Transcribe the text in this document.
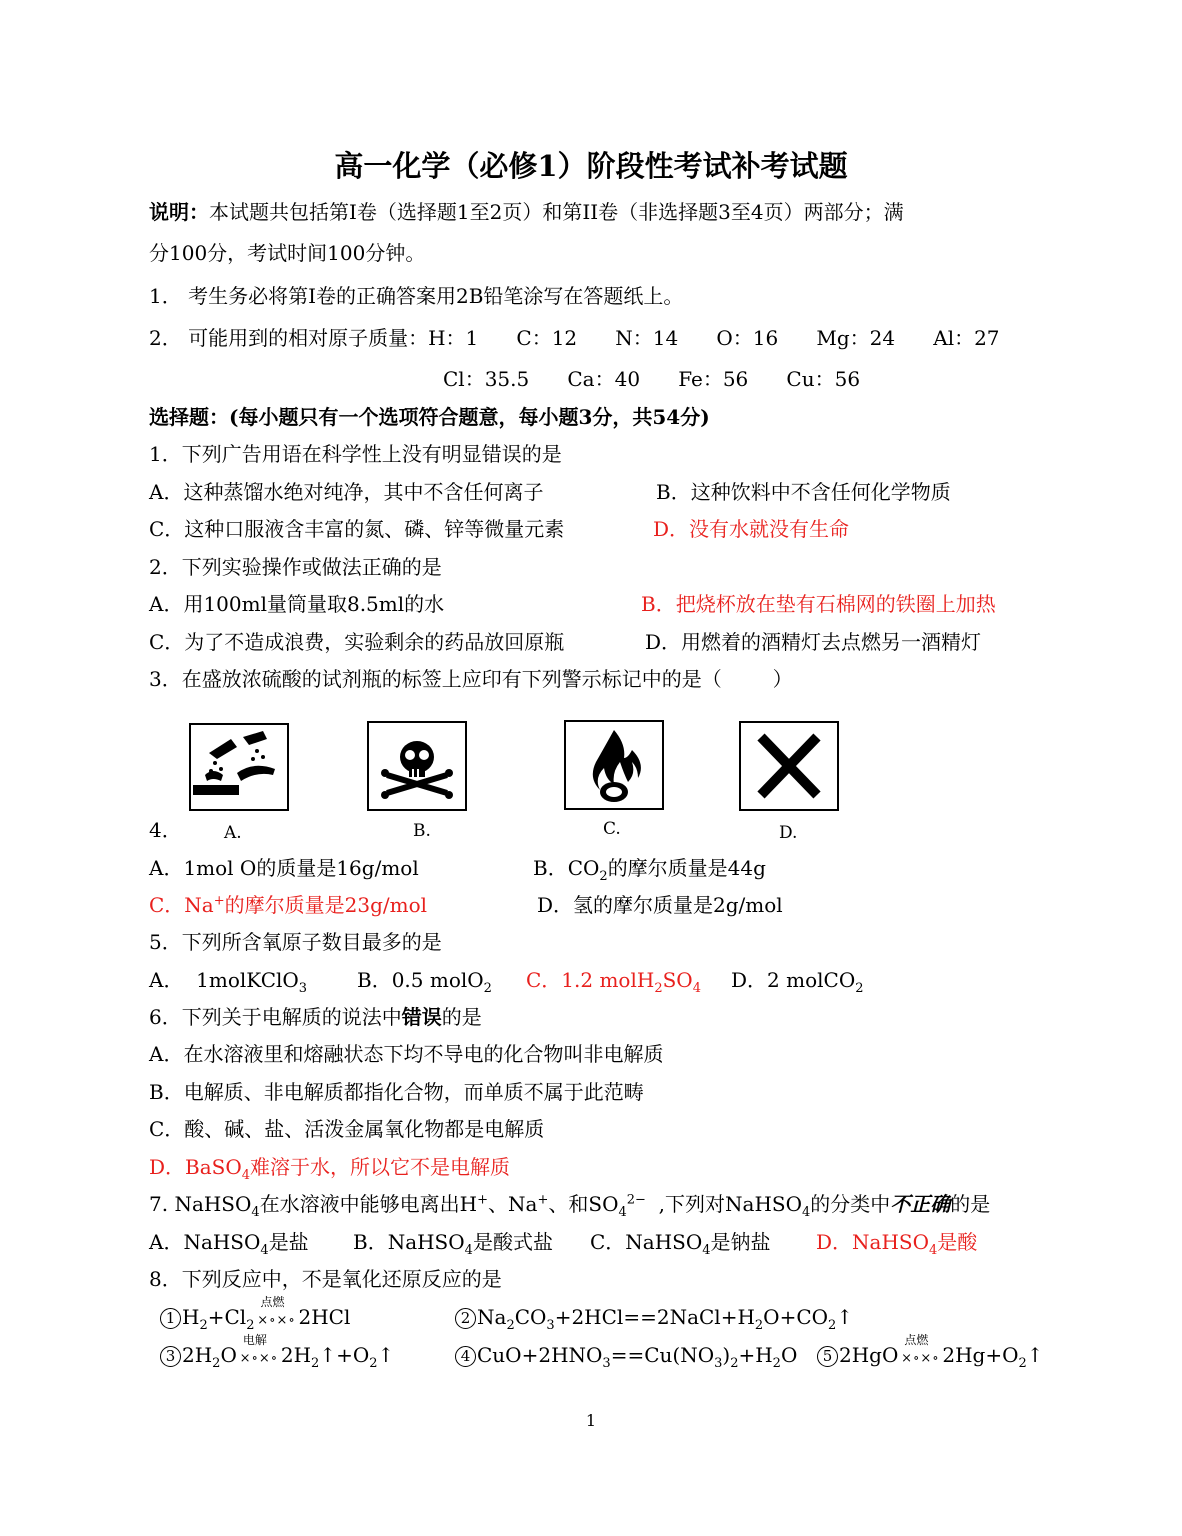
高一化学（必修1）阶段性考试补考试题
说明：本试题共包括第I卷（选择题1至2页）和第II卷（非选择题3至4页）两部分；满
分100分，考试时间100分钟。
1． 考生务必将第I卷的正确答案用2B铅笔涂写在答题纸上。
2． 可能用到的相对原子质量：H：1      C：12      N：14      O：16      Mg：24      Al：27
Cl：35.5      Ca：40      Fe：56      Cu：56
选择题：(每小题只有一个选项符合题意，每小题3分，共54分)
1．下列广告用语在科学性上没有明显错误的是
A．这种蒸馏水绝对纯净，其中不含任何离子	B．这种饮料中不含任何化学物质
C．这种口服液含丰富的氮、磷、锌等微量元素	D．没有水就没有生命
2．下列实验操作或做法正确的是
A．用100ml量筒量取8.5ml的水	B．把烧杯放在垫有石棉网的铁圈上加热
C．为了不造成浪费，实验剩余的药品放回原瓶	D．用燃着的酒精灯去点燃另一酒精灯
3．在盛放浓硫酸的试剂瓶的标签上应印有下列警示标记中的是（        ）
4． A.	B.	C.	D.
A．1mol O的质量是16g/mol	B．$CO_2$的摩尔质量是44g
C．Na+的摩尔质量是23g/mol	D．氢的摩尔质量是2g/mol
5．下列所含氧原子数目最多的是
A．  1molKClO$_3$ B．0.5 molO$_2$ C．1.2 $molH_2SO_4$ D．2 molCO$_2$
6．下列关于电解质的说法中错误的是
A．在水溶液里和熔融状态下均不导电的化合物叫非电解质
B．电解质、非电解质都指化合物，而单质不属于此范畴
C．酸、碱、盐、活泼金属氧化物都是电解质
D．BaSO$_4$难溶于水，所以它不是电解质
7. NaHSO$_4$在水溶液中能够电离出H+、Na+、和$SO_4^{2-}$  ,下列对NaHSO$_4$的分类中不正确的是
A．NaHSO$_4$是盐 B．NaHSO$_4$是酸式盐 C．NaHSO$_4$是钠盐 D．NaHSO$_4$是酸
8．下列反应中，不是氧化还原反应的是
1 $H_2+Cl_2$
点燃
×∘×∘ 2HCl	2 $Na_2CO_3+2HCl==2NaCl+H_2O+CO_2↑$
3 $2H_2O$
电解
×∘×∘ $2H_2↑+O_2↑$	4 $CuO+2HNO_3==Cu(NO_3)_2+H_2O$	5 2HgO
点燃
×∘×∘ $2Hg+O_2↑$
1
